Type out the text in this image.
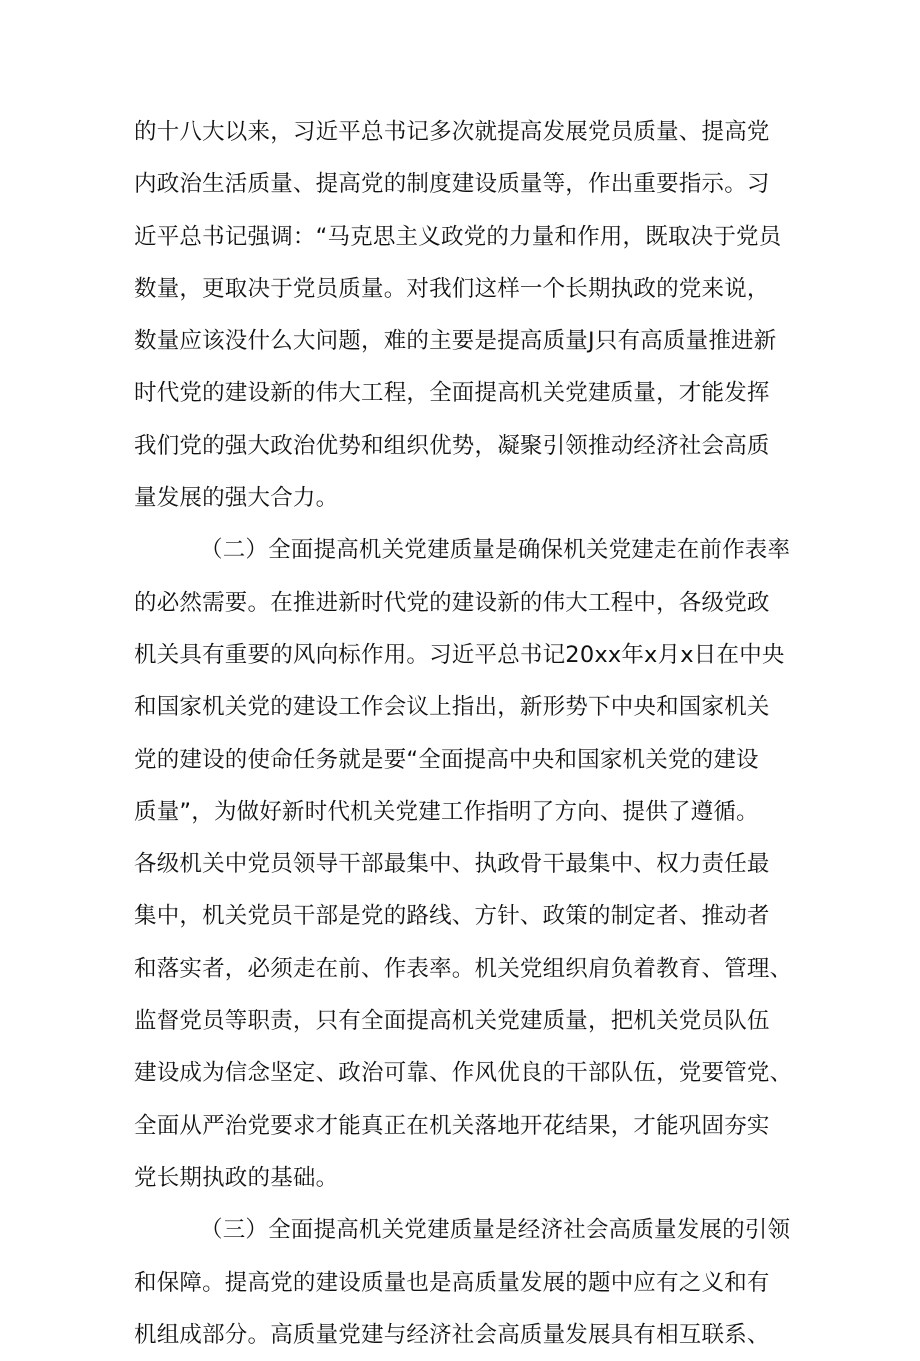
的十八大以来，习近平总书记多次就提高发展党员质量、提高党
内政治生活质量、提高党的制度建设质量等，作出重要指示。习
近平总书记强调：“马克思主义政党的力量和作用，既取决于党员
数量，更取决于党员质量。对我们这样一个长期执政的党来说，
数量应该没什么大问题，难的主要是提高质量J只有高质量推进新
时代党的建设新的伟大工程，全面提高机关党建质量，才能发挥
我们党的强大政治优势和组织优势，凝聚引领推动经济社会高质
量发展的强大合力。
（二）全面提高机关党建质量是确保机关党建走在前作表率
的必然需要。在推进新时代党的建设新的伟大工程中，各级党政
机关具有重要的风向标作用。习近平总书记20xx年x月x日在中央
和国家机关党的建设工作会议上指出，新形势下中央和国家机关
党的建设的使命任务就是要“全面提高中央和国家机关党的建设
质量”，为做好新时代机关党建工作指明了方向、提供了遵循。
各级机关中党员领导干部最集中、执政骨干最集中、权力责任最
集中，机关党员干部是党的路线、方针、政策的制定者、推动者
和落实者，必须走在前、作表率。机关党组织肩负着教育、管理、
监督党员等职责，只有全面提高机关党建质量，把机关党员队伍
建设成为信念坚定、政治可靠、作风优良的干部队伍，党要管党、
全面从严治党要求才能真正在机关落地开花结果，才能巩固夯实
党长期执政的基础。
（三）全面提高机关党建质量是经济社会高质量发展的引领
和保障。提高党的建设质量也是高质量发展的题中应有之义和有
机组成部分。高质量党建与经济社会高质量发展具有相互联系、
